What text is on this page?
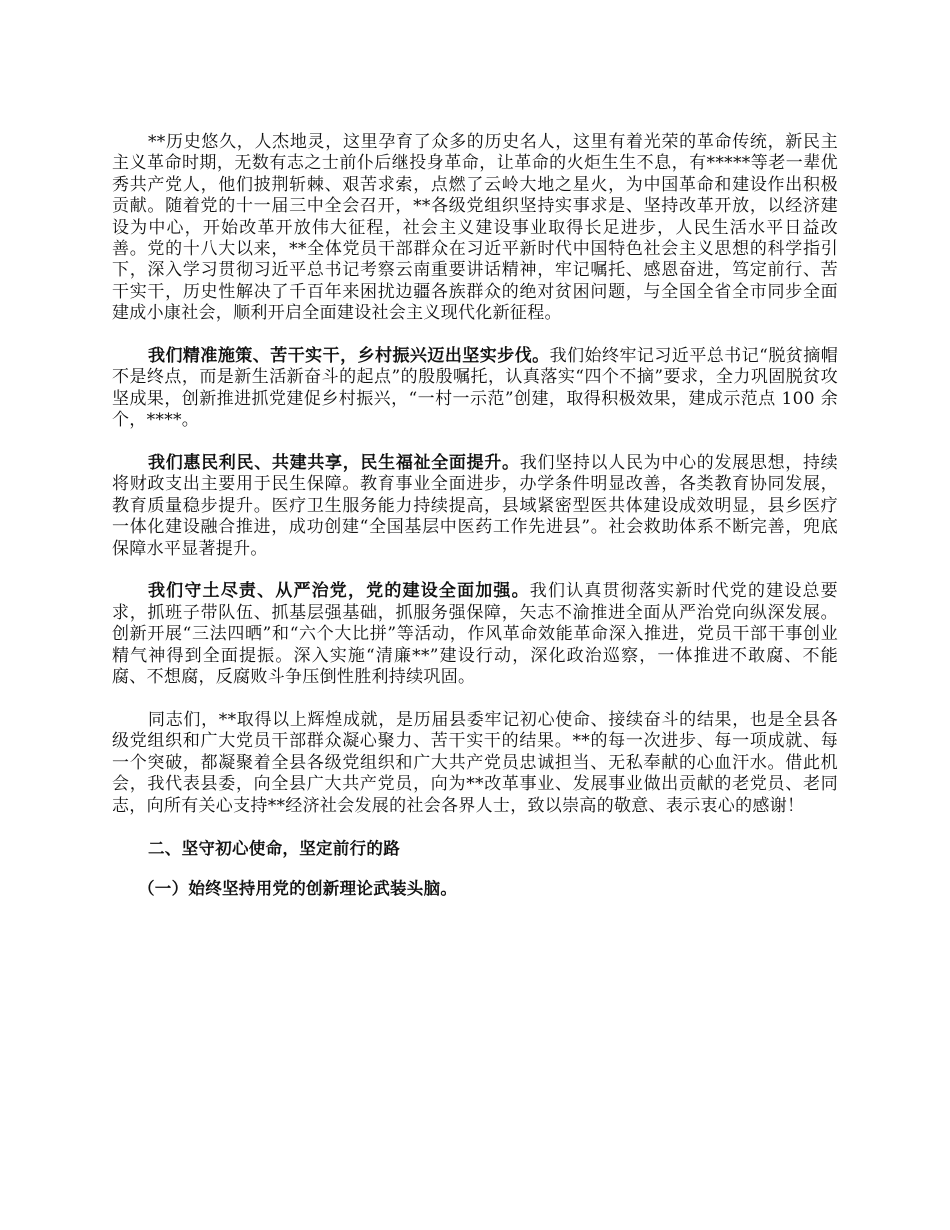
**历史悠久，人杰地灵，这里孕育了众多的历史名人，这里有着光荣的革命传统，新民主主义革命时期，无数有志之士前仆后继投身革命，让革命的火炬生生不息，有*****等老一辈优秀共产党人，他们披荆斩棘、艰苦求索，点燃了云岭大地之星火，为中国革命和建设作出积极贡献。随着党的十一届三中全会召开，**各级党组织坚持实事求是、坚持改革开放，以经济建设为中心，开始改革开放伟大征程，社会主义建设事业取得长足进步，人民生活水平日益改善。党的十八大以来，**全体党员干部群众在习近平新时代中国特色社会主义思想的科学指引下，深入学习贯彻习近平总书记考察云南重要讲话精神，牢记嘱托、感恩奋进，笃定前行、苦干实干，历史性解决了千百年来困扰边疆各族群众的绝对贫困问题，与全国全省全市同步全面建成小康社会，顺利开启全面建设社会主义现代化新征程。

我们精准施策、苦干实干，乡村振兴迈出坚实步伐。我们始终牢记习近平总书记“脱贫摘帽不是终点，而是新生活新奋斗的起点”的殷殷嘱托，认真落实“四个不摘”要求，全力巩固脱贫攻坚成果，创新推进抓党建促乡村振兴，“一村一示范”创建，取得积极效果，建成示范点 100 余个，****。

我们惠民利民、共建共享，民生福祉全面提升。我们坚持以人民为中心的发展思想，持续将财政支出主要用于民生保障。教育事业全面进步，办学条件明显改善，各类教育协同发展，教育质量稳步提升。医疗卫生服务能力持续提高，县域紧密型医共体建设成效明显，县乡医疗一体化建设融合推进，成功创建“全国基层中医药工作先进县”。社会救助体系不断完善，兜底保障水平显著提升。

我们守土尽责、从严治党，党的建设全面加强。我们认真贯彻落实新时代党的建设总要求，抓班子带队伍、抓基层强基础，抓服务强保障，矢志不渝推进全面从严治党向纵深发展。创新开展“三法四晒”和“六个大比拼”等活动，作风革命效能革命深入推进，党员干部干事创业精气神得到全面提振。深入实施“清廉**”建设行动，深化政治巡察，一体推进不敢腐、不能腐、不想腐，反腐败斗争压倒性胜利持续巩固。

同志们，**取得以上辉煌成就，是历届县委牢记初心使命、接续奋斗的结果，也是全县各级党组织和广大党员干部群众凝心聚力、苦干实干的结果。**的每一次进步、每一项成就、每一个突破，都凝聚着全县各级党组织和广大共产党员忠诚担当、无私奉献的心血汗水。借此机会，我代表县委，向全县广大共产党员，向为**改革事业、发展事业做出贡献的老党员、老同志，向所有关心支持**经济社会发展的社会各界人士，致以崇高的敬意、表示衷心的感谢！

二、坚守初心使命，坚定前行的路

（一）始终坚持用党的创新理论武装头脑。
